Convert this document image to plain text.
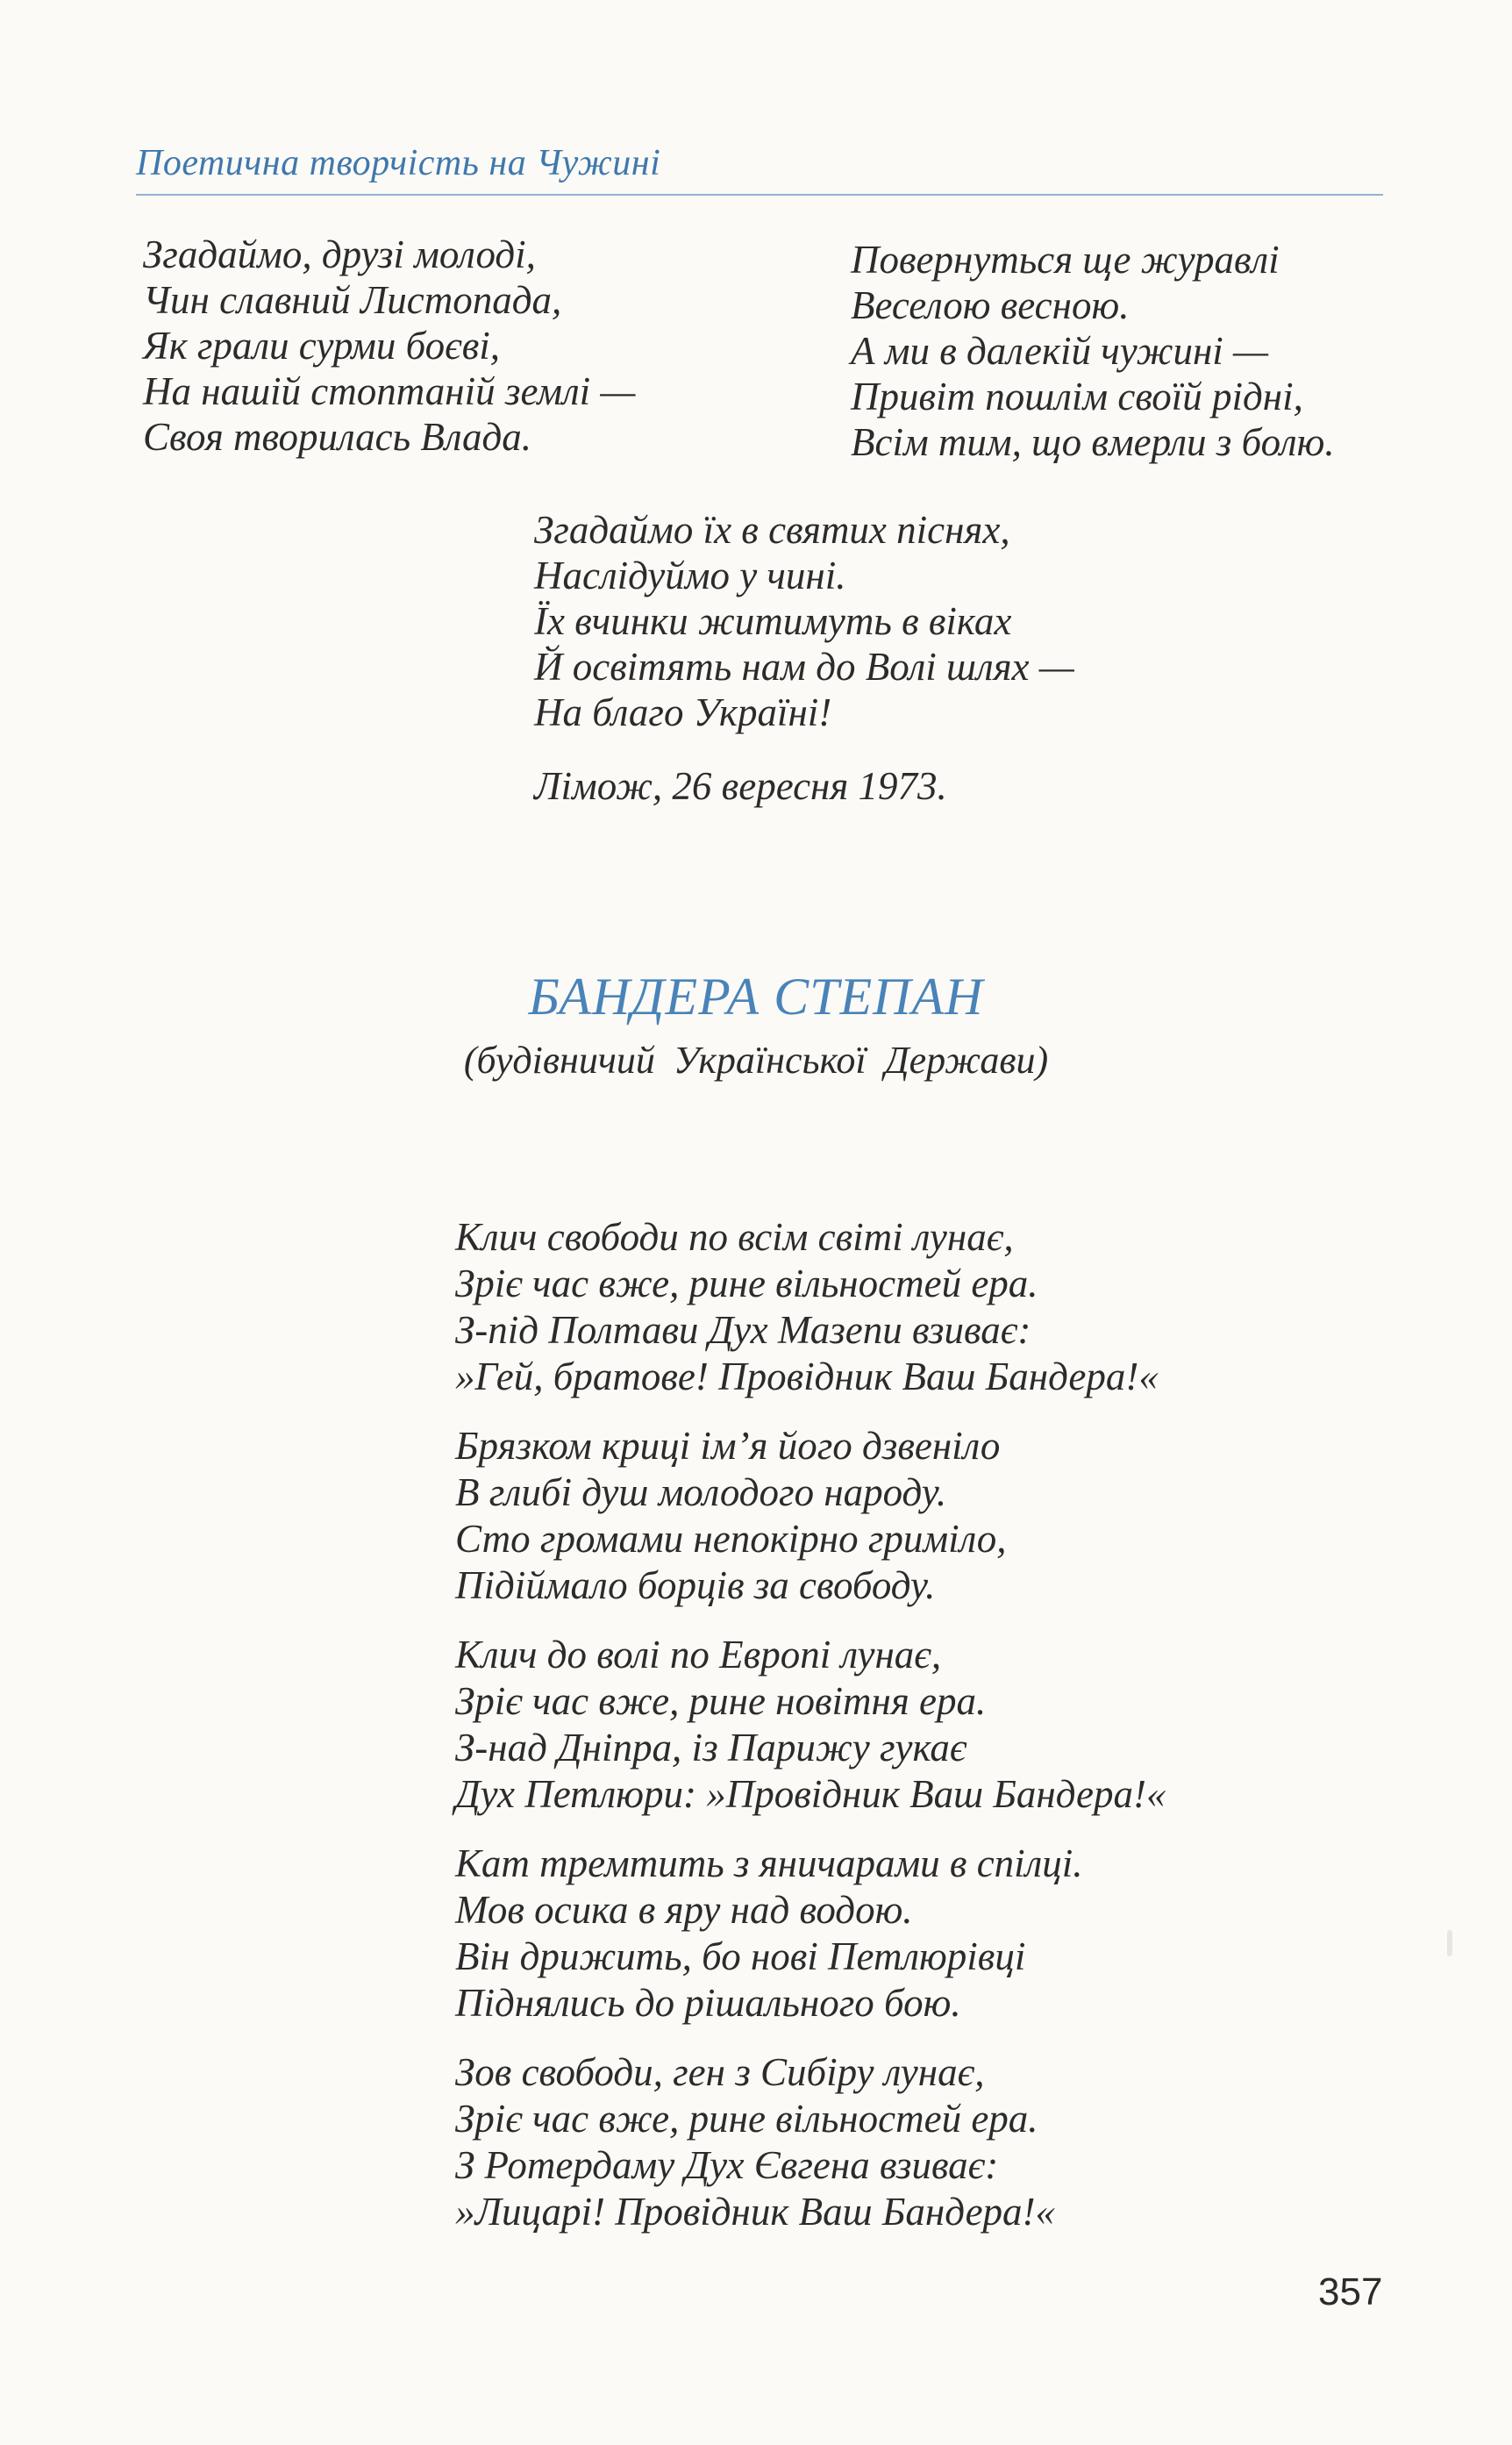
Поетична творчість на Чужині
Згадаймо, друзі молоді,
Чин славний Листопада,
Як грали сурми боєві,
На нашій стоптаній землі —
Своя творилась Влада.
Повернуться ще журавлі
Веселою весною.
А ми в далекій чужині —
Привіт пошлім своїй рідні,
Всім тим, що вмерли з болю.
Згадаймо їх в святих піснях,
Наслідуймо у чині.
Їх вчинки житимуть в віках
Й освітять нам до Волі шлях —
На благо Україні!
Лімож, 26 вересня 1973.
БАНДЕРА СТЕПАН
(будівничий Української Держави)
Клич свободи по всім світі лунає,
Зріє час вже, рине вільностей ера.
З-під Полтави Дух Мазепи взиває:
»Гей, братове! Провідник Ваш Бандера!«
Брязком криці ім’я його дзвеніло
В глибі душ молодого народу.
Сто громами непокірно гриміло,
Підіймало борців за свободу.
Клич до волі по Европі лунає,
Зріє час вже, рине новітня ера.
З-над Дніпра, із Парижу гукає
Дух Петлюри: »Провідник Ваш Бандера!«
Кат тремтить з яничарами в спілці.
Мов осика в яру над водою.
Він дрижить, бо нові Петлюрівці
Піднялись до рішального бою.
Зов свободи, ген з Сибіру лунає,
Зріє час вже, рине вільностей ера.
З Ротердаму Дух Євгена взиває:
»Лицарі! Провідник Ваш Бандера!«
357
